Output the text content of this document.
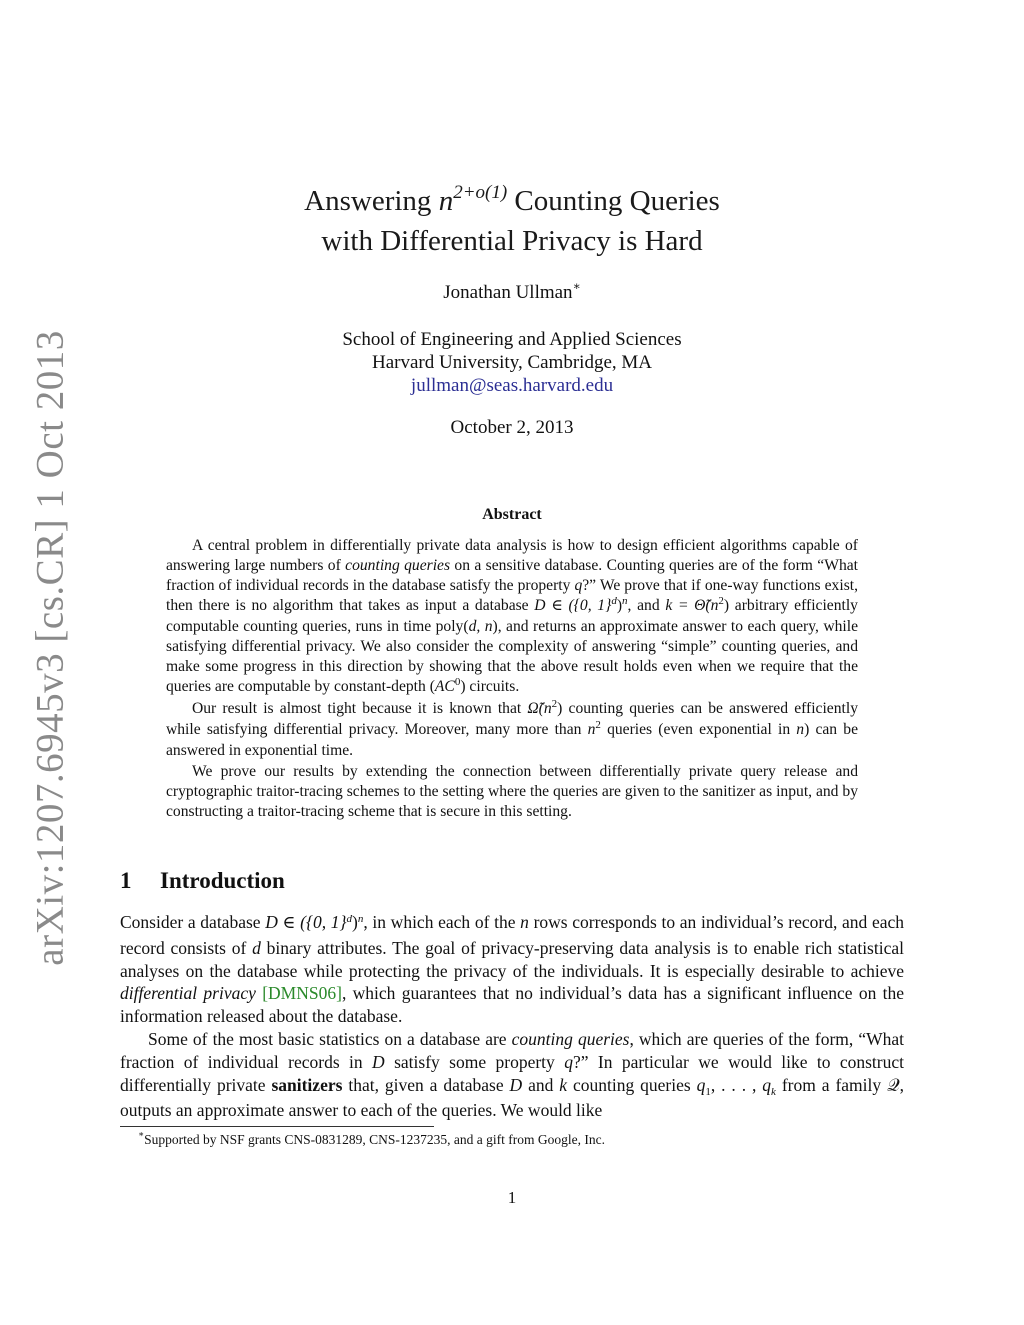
arXiv:1207.6945v3 [cs.CR] 1 Oct 2013
Answering $n^{2+o(1)}$ Counting Queries
with Differential Privacy is Hard
Jonathan Ullman∗
School of Engineering and Applied Sciences
Harvard University, Cambridge, MA
jullman@seas.harvard.edu
October 2, 2013
Abstract

A central problem in differentially private data analysis is how to design efficient algorithms capable of answering large numbers of counting queries on a sensitive database. Counting queries are of the form “What fraction of individual records in the database satisfy the property q?” We prove that if one-way functions exist, then there is no algorithm that takes as input a database D ∈ ({0, 1}$^d$)$^n$, and $k = \Thetã(n^2)$ arbitrary efficiently computable counting queries, runs in time poly(d, n), and returns an approximate answer to each query, while satisfying differential privacy. We also consider the complexity of answering “simple” counting queries, and make some progress in this direction by showing that the above result holds even when we require that the queries are computable by constant-depth $(AC^0)$ circuits.

Our result is almost tight because it is known that $\Omegã(n^2)$ counting queries can be answered efficiently while satisfying differential privacy. Moreover, many more than $n^2$ queries (even exponential in n) can be answered in exponential time.

We prove our results by extending the connection between differentially private query release and cryptographic traitor-tracing schemes to the setting where the queries are given to the sanitizer as input, and by constructing a traitor-tracing scheme that is secure in this setting.

1 Introduction

Consider a database D ∈ ({0, 1}$^d$)$^n$, in which each of the n rows corresponds to an individual’s record, and each record consists of d binary attributes. The goal of privacy-preserving data analysis is to enable rich statistical analyses on the database while protecting the privacy of the individuals. It is especially desirable to achieve differential privacy [DMNS06], which guarantees that no individual’s data has a significant influence on the information released about the database.

Some of the most basic statistics on a database are counting queries, which are queries of the form, “What fraction of individual records in D satisfy some property q?” In particular we would like to construct differentially private sanitizers that, given a database D and k counting queries $q_1$, . . . , $q_k$ from a family 𝒬, outputs an approximate answer to each of the queries. We would like

∗Supported by NSF grants CNS-0831289, CNS-1237235, and a gift from Google, Inc.
1
